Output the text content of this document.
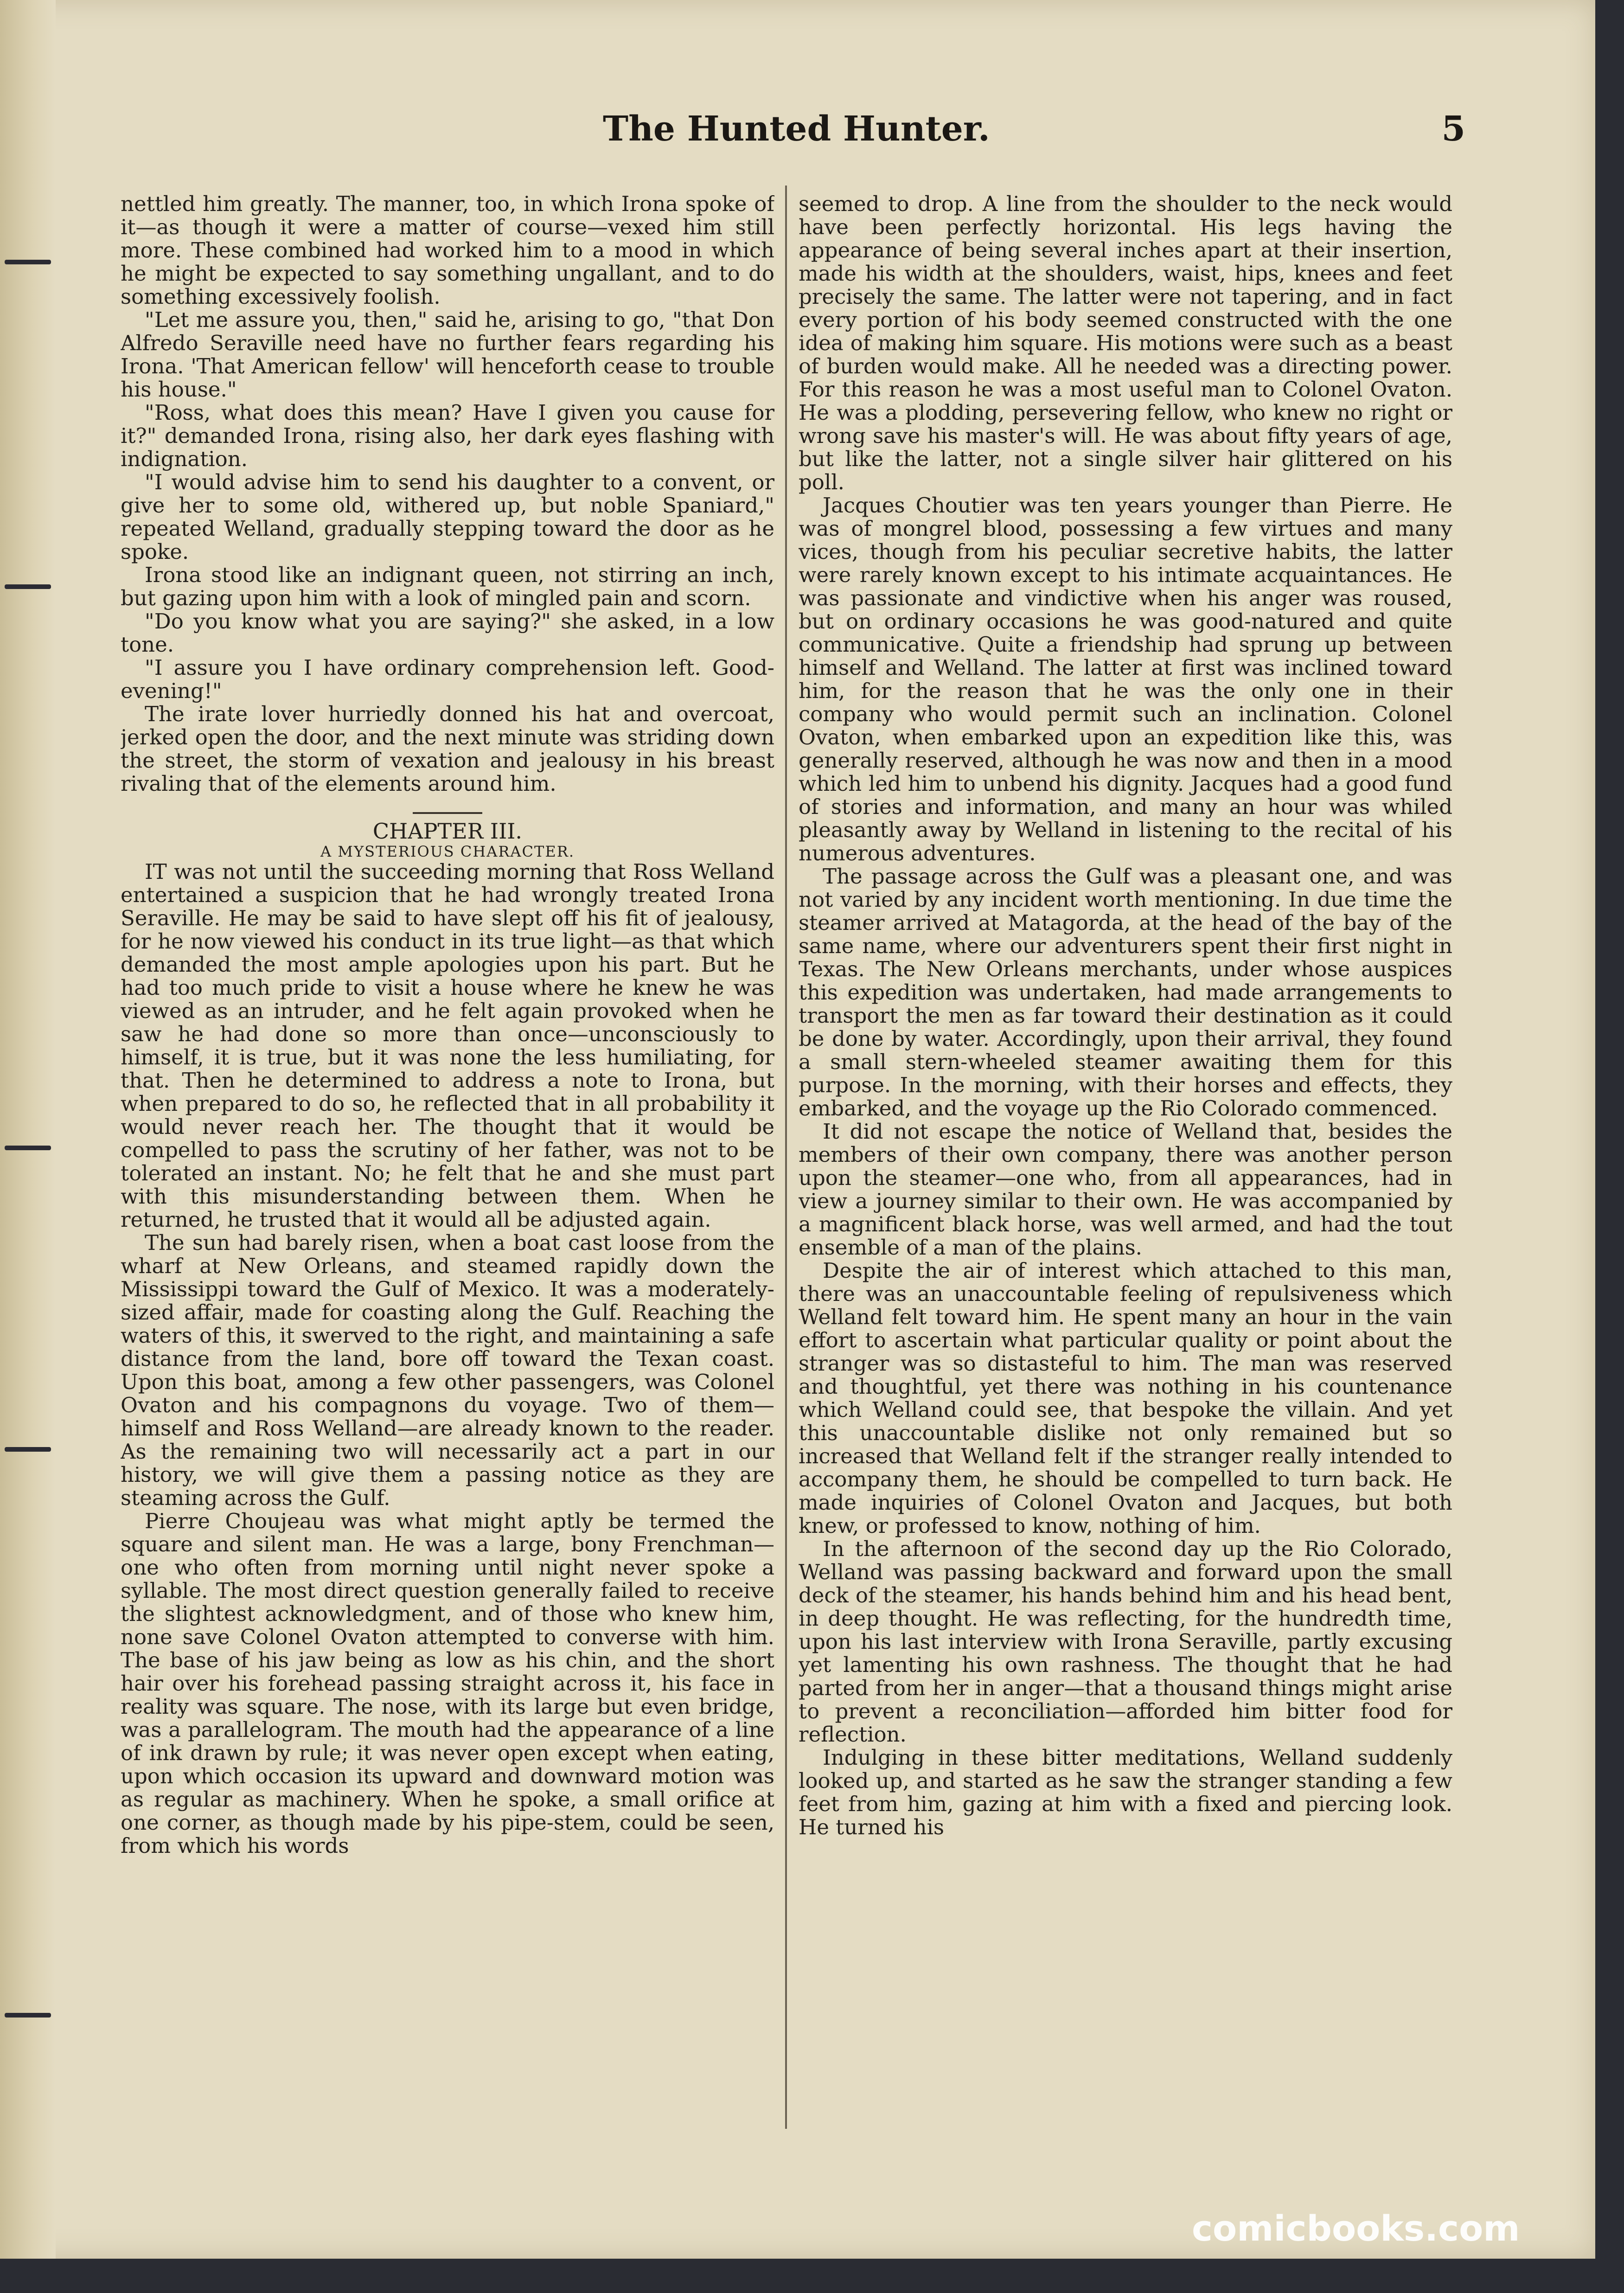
The Hunted Hunter.	5

nettled him greatly. The manner, too, in which Irona spoke of it—as though it were a matter of course—vexed him still more. These combined had worked him to a mood in which he might be expected to say something ungallant, and to do something excessively foolish.

"Let me assure you, then," said he, arising to go, "that Don Alfredo Seraville need have no further fears regarding his Irona. 'That American fellow' will henceforth cease to trouble his house."

"Ross, what does this mean? Have I given you cause for it?" demanded Irona, rising also, her dark eyes flashing with indignation.

"I would advise him to send his daughter to a convent, or give her to some old, withered up, but noble Spaniard," repeated Welland, gradually stepping toward the door as he spoke.

Irona stood like an indignant queen, not stirring an inch, but gazing upon him with a look of mingled pain and scorn.

"Do you know what you are saying?" she asked, in a low tone.

"I assure you I have ordinary comprehension left. Good-evening!"

The irate lover hurriedly donned his hat and overcoat, jerked open the door, and the next minute was striding down the street, the storm of vexation and jealousy in his breast rivaling that of the elements around him.

CHAPTER III.
A MYSTERIOUS CHARACTER.

IT was not until the succeeding morning that Ross Welland entertained a suspicion that he had wrongly treated Irona Seraville. He may be said to have slept off his fit of jealousy, for he now viewed his conduct in its true light—as that which demanded the most ample apologies upon his part. But he had too much pride to visit a house where he knew he was viewed as an intruder, and he felt again provoked when he saw he had done so more than once—unconsciously to himself, it is true, but it was none the less humiliating, for that. Then he determined to address a note to Irona, but when prepared to do so, he reflected that in all probability it would never reach her. The thought that it would be compelled to pass the scrutiny of her father, was not to be tolerated an instant. No; he felt that he and she must part with this misunderstanding between them. When he returned, he trusted that it would all be adjusted again.

The sun had barely risen, when a boat cast loose from the wharf at New Orleans, and steamed rapidly down the Mississippi toward the Gulf of Mexico. It was a moderately-sized affair, made for coasting along the Gulf. Reaching the waters of this, it swerved to the right, and maintaining a safe distance from the land, bore off toward the Texan coast. Upon this boat, among a few other passengers, was Colonel Ovaton and his compagnons du voyage. Two of them—himself and Ross Welland—are already known to the reader. As the remaining two will necessarily act a part in our history, we will give them a passing notice as they are steaming across the Gulf.

Pierre Choujeau was what might aptly be termed the square and silent man. He was a large, bony Frenchman—one who often from morning until night never spoke a syllable. The most direct question generally failed to receive the slightest acknowledgment, and of those who knew him, none save Colonel Ovaton attempted to converse with him. The base of his jaw being as low as his chin, and the short hair over his forehead passing straight across it, his face in reality was square. The nose, with its large but even bridge, was a parallelogram. The mouth had the appearance of a line of ink drawn by rule; it was never open except when eating, upon which occasion its upward and downward motion was as regular as machinery. When he spoke, a small orifice at one corner, as though made by his pipe-stem, could be seen, from which his words

seemed to drop. A line from the shoulder to the neck would have been perfectly horizontal. His legs having the appearance of being several inches apart at their insertion, made his width at the shoulders, waist, hips, knees and feet precisely the same. The latter were not tapering, and in fact every portion of his body seemed constructed with the one idea of making him square. His motions were such as a beast of burden would make. All he needed was a directing power. For this reason he was a most useful man to Colonel Ovaton. He was a plodding, persevering fellow, who knew no right or wrong save his master's will. He was about fifty years of age, but like the latter, not a single silver hair glittered on his poll.

Jacques Choutier was ten years younger than Pierre. He was of mongrel blood, possessing a few virtues and many vices, though from his peculiar secretive habits, the latter were rarely known except to his intimate acquaintances. He was passionate and vindictive when his anger was roused, but on ordinary occasions he was good-natured and quite communicative. Quite a friendship had sprung up between himself and Welland. The latter at first was inclined toward him, for the reason that he was the only one in their company who would permit such an inclination. Colonel Ovaton, when embarked upon an expedition like this, was generally reserved, although he was now and then in a mood which led him to unbend his dignity. Jacques had a good fund of stories and information, and many an hour was whiled pleasantly away by Welland in listening to the recital of his numerous adventures.

The passage across the Gulf was a pleasant one, and was not varied by any incident worth mentioning. In due time the steamer arrived at Matagorda, at the head of the bay of the same name, where our adventurers spent their first night in Texas. The New Orleans merchants, under whose auspices this expedition was undertaken, had made arrangements to transport the men as far toward their destination as it could be done by water. Accordingly, upon their arrival, they found a small stern-wheeled steamer awaiting them for this purpose. In the morning, with their horses and effects, they embarked, and the voyage up the Rio Colorado commenced.

It did not escape the notice of Welland that, besides the members of their own company, there was another person upon the steamer—one who, from all appearances, had in view a journey similar to their own. He was accompanied by a magnificent black horse, was well armed, and had the tout ensemble of a man of the plains.

Despite the air of interest which attached to this man, there was an unaccountable feeling of repulsiveness which Welland felt toward him. He spent many an hour in the vain effort to ascertain what particular quality or point about the stranger was so distasteful to him. The man was reserved and thoughtful, yet there was nothing in his countenance which Welland could see, that bespoke the villain. And yet this unaccountable dislike not only remained but so increased that Welland felt if the stranger really intended to accompany them, he should be compelled to turn back. He made inquiries of Colonel Ovaton and Jacques, but both knew, or professed to know, nothing of him.

In the afternoon of the second day up the Rio Colorado, Welland was passing backward and forward upon the small deck of the steamer, his hands behind him and his head bent, in deep thought. He was reflecting, for the hundredth time, upon his last interview with Irona Seraville, partly excusing yet lamenting his own rashness. The thought that he had parted from her in anger—that a thousand things might arise to prevent a reconciliation—afforded him bitter food for reflection.

Indulging in these bitter meditations, Welland suddenly looked up, and started as he saw the stranger standing a few feet from him, gazing at him with a fixed and piercing look. He turned his

comicbooks.com
